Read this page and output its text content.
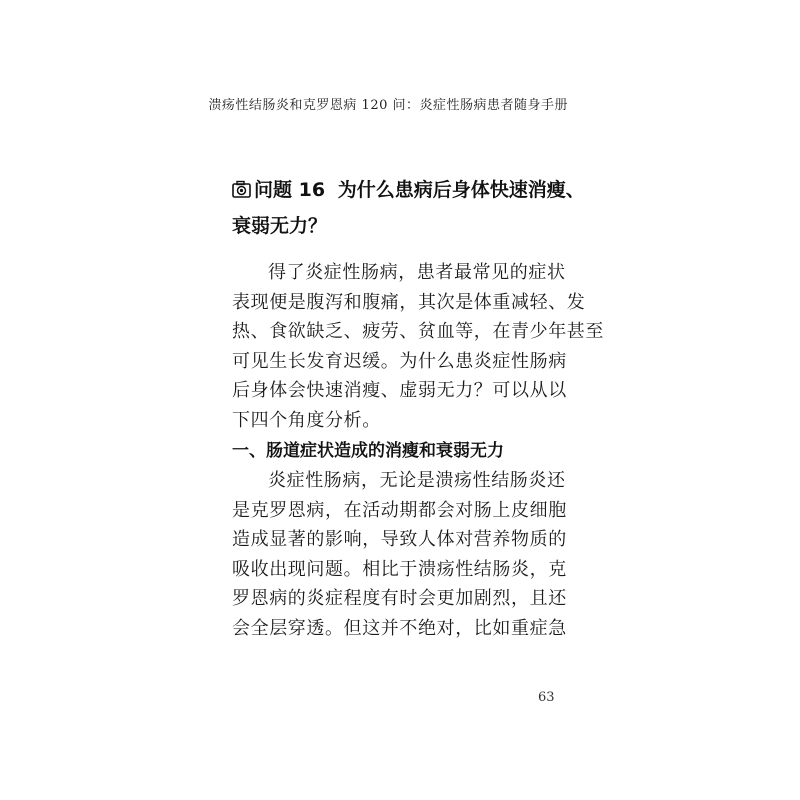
溃疡性结肠炎和克罗恩病 120 问：炎症性肠病患者随身手册
问题 16 为什么患病后身体快速消瘦、
衰弱无力？
得了炎症性肠病，患者最常见的症状
表现便是腹泻和腹痛，其次是体重减轻、发
热、食欲缺乏、疲劳、贫血等，在青少年甚至
可见生长发育迟缓。为什么患炎症性肠病
后身体会快速消瘦、虚弱无力？可以从以
下四个角度分析。
一、肠道症状造成的消瘦和衰弱无力
炎症性肠病，无论是溃疡性结肠炎还
是克罗恩病，在活动期都会对肠上皮细胞
造成显著的影响，导致人体对营养物质的
吸收出现问题。相比于溃疡性结肠炎，克
罗恩病的炎症程度有时会更加剧烈，且还
会全层穿透。但这并不绝对，比如重症急
63
